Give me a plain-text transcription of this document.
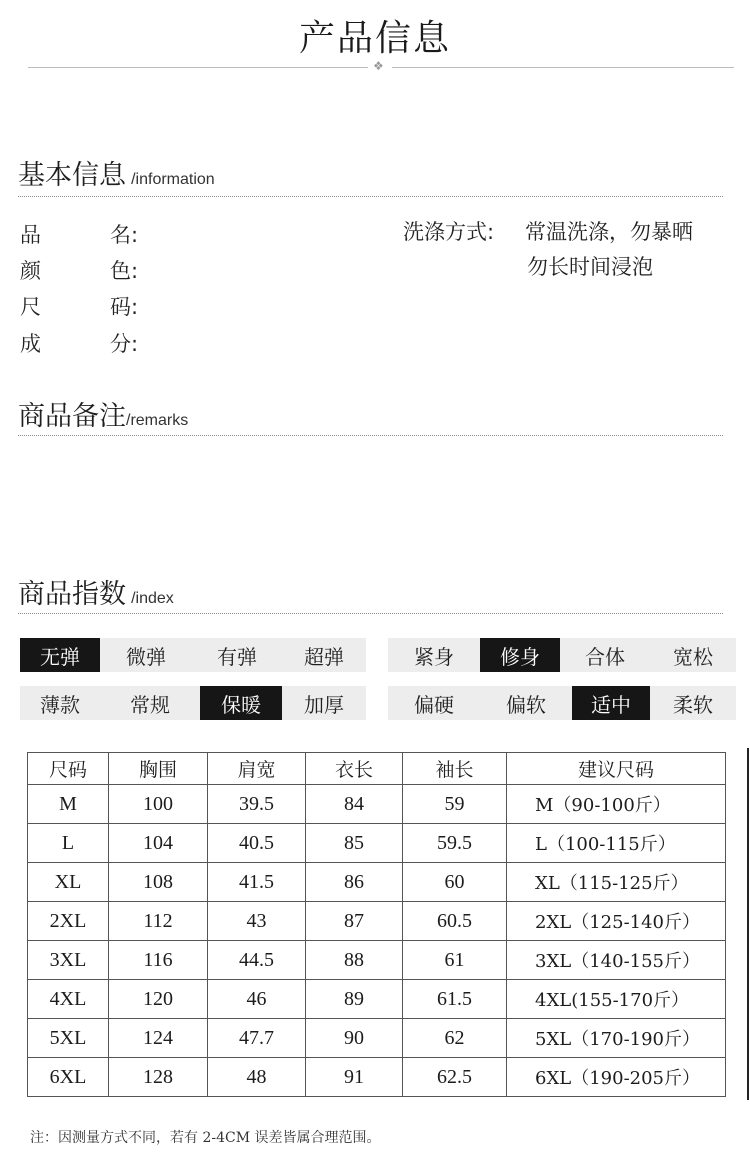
产品信息
❖
基本信息 /information
品	名:
颜	色:
尺	码:
成	分:
洗涤方式: 常温洗涤，勿暴晒
勿长时间浸泡
商品备注/remarks
商品指数 /index
无弹	微弹	有弹	超弹	紧身	修身	合体	宽松
薄款	常规	保暖	加厚	偏硬	偏软	适中	柔软
尺码	胸围	肩宽	衣长	袖长	建议尺码
M	100	39.5	84	59	M（90-100斤）
L	104	40.5	85	59.5	L（100-115斤）
XL	108	41.5	86	60	XL（115-125斤）
2XL	112	43	87	60.5	2XL（125-140斤）
3XL	116	44.5	88	61	3XL（140-155斤）
4XL	120	46	89	61.5	4XL(155-170斤）
5XL	124	47.7	90	62	5XL（170-190斤）
6XL	128	48	91	62.5	6XL（190-205斤）
注：因测量方式不同，若有 2-4CM 误差皆属合理范围。
